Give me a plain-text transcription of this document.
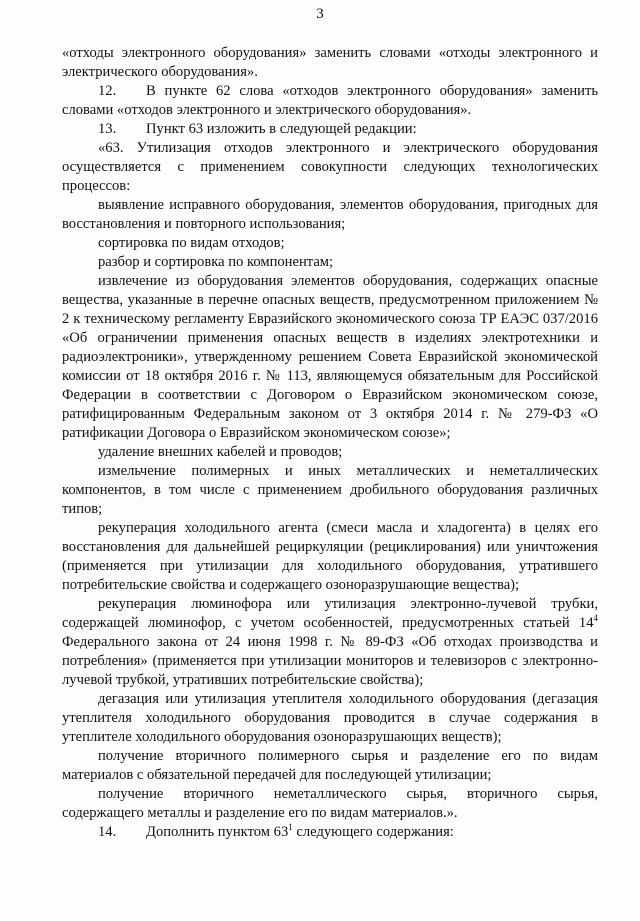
3

«отходы электронного оборудования» заменить словами «отходы электронного и электрического оборудования».

12. В пункте 62 слова «отходов электронного оборудования» заменить словами «отходов электронного и электрического оборудования».

13. Пункт 63 изложить в следующей редакции:

«63. Утилизация отходов электронного и электрического оборудования осуществляется с применением совокупности следующих технологических процессов:

выявление исправного оборудования, элементов оборудования, пригодных для восстановления и повторного использования;

сортировка по видам отходов;

разбор и сортировка по компонентам;

извлечение из оборудования элементов оборудования, содержащих опасные вещества, указанные в перечне опасных веществ, предусмотренном приложением № 2 к техническому регламенту Евразийского экономического союза ТР ЕАЭС 037/2016 «Об ограничении применения опасных веществ в изделиях электротехники и радиоэлектроники», утвержденному решением Совета Евразийской экономической комиссии от 18 октября 2016 г. № 113, являющемуся обязательным для Российской Федерации в соответствии с Договором о Евразийском экономическом союзе, ратифицированным Федеральным законом от 3 октября 2014 г. № 279-ФЗ «О ратификации Договора о Евразийском экономическом союзе»;

удаление внешних кабелей и проводов;

измельчение полимерных и иных металлических и неметаллических компонентов, в том числе с применением дробильного оборудования различных типов;

рекуперация холодильного агента (смеси масла и хладогента) в целях его восстановления для дальнейшей рециркуляции (рециклирования) или уничтожения (применяется при утилизации для холодильного оборудования, утратившего потребительские свойства и содержащего озоноразрушающие вещества);

рекуперация люминофора или утилизация электронно-лучевой трубки, содержащей люминофор, с учетом особенностей, предусмотренных статьей $14^4$ Федерального закона от 24 июня 1998 г. № 89-ФЗ «Об отходах производства и потребления» (применяется при утилизации мониторов и телевизоров с электронно-лучевой трубкой, утративших потребительские свойства);

дегазация или утилизация утеплителя холодильного оборудования (дегазация утеплителя холодильного оборудования проводится в случае содержания в утеплителе холодильного оборудования озоноразрушающих веществ);

получение вторичного полимерного сырья и разделение его по видам материалов с обязательной передачей для последующей утилизации;

получение вторичного неметаллического сырья, вторичного сырья, содержащего металлы и разделение его по видам материалов.».

14. Дополнить пунктом $63^1$ следующего содержания:
